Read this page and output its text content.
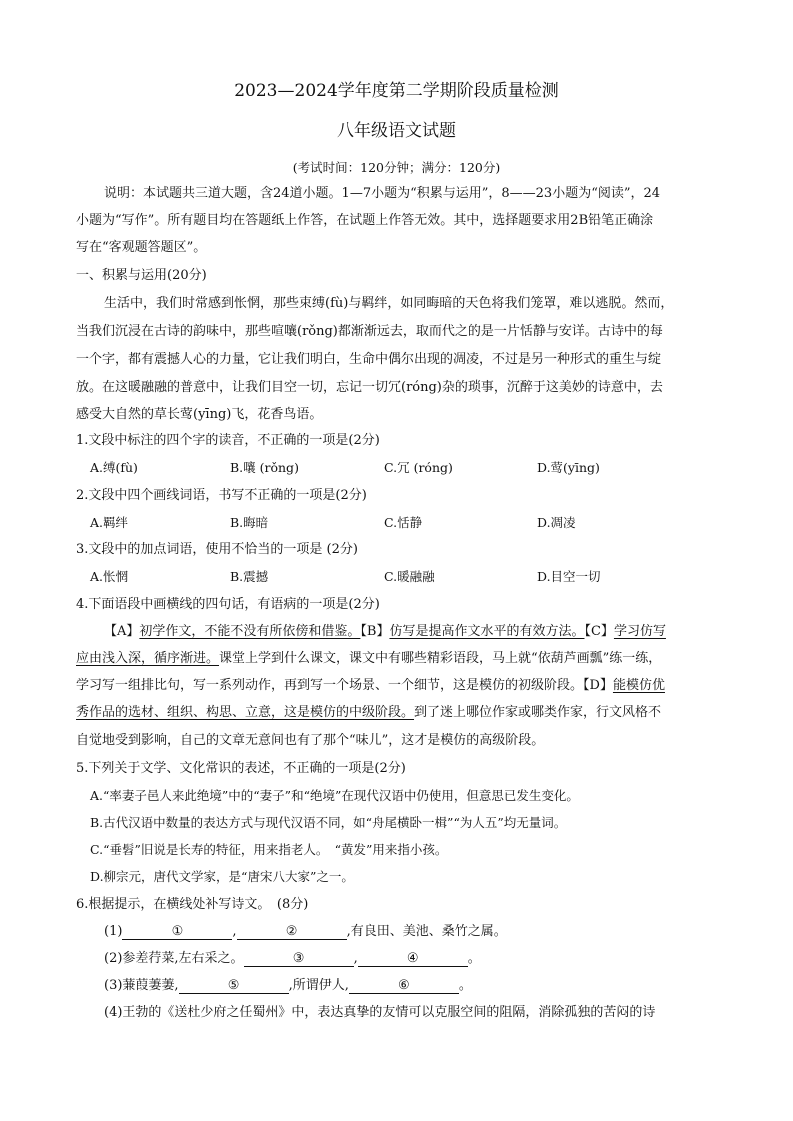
2023—2024学年度第二学期阶段质量检测
八年级语文试题
(考试时间：120分钟；满分：120分)
说明：本试题共三道大题，含24道小题。1—7小题为“积累与运用”，8——23小题为“阅读”，24
小题为“写作”。所有题目均在答题纸上作答，在试题上作答无效。其中，选择题要求用2B铅笔正确涂
写在“客观题答题区”。
一、积累与运用(20分)
生活中，我们时常感到怅惘，那些束缚(fù)与羁绊，如同晦暗的天色将我们笼罩，难以逃脱。然而，
当我们沉浸在古诗的韵味中，那些喧嚷(rǒng)都渐渐远去，取而代之的是一片恬静与安详。古诗中的每
一个字，都有震撼人心的力量，它让我们明白，生命中偶尔出现的凋凌，不过是另一种形式的重生与绽
放。在这暖融融的普意中，让我们目空一切，忘记一切冗(róng)杂的琐事，沉醉于这美妙的诗意中，去
感受大自然的草长莺(yīng)飞，花香鸟语。
1.文段中标注的四个字的读音，不正确的一项是(2分)
A.缚(fù)	B.嚷 (rǒng)	C.冗 (róng)	D.莺(yīng)
2.文段中四个画线词语，书写不正确的一项是(2分)
A.羁绊	B.晦暗	C.恬静	D.凋凌
3.文段中的加点词语，使用不恰当的一项是 (2分)
A.怅惘	B.震撼	C.暖融融	D.目空一切
4.下面语段中画横线的四句话，有语病的一项是(2分)
【A】初学作文，不能不没有所依傍和借鉴。【B】仿写是提高作文水平的有效方法。【C】学习仿写
应由浅入深，循序渐进。课堂上学到什么课文，课文中有哪些精彩语段，马上就“依葫芦画瓢”练一练，
学习写一组排比句，写一系列动作，再到写一个场景、一个细节，这是模仿的初级阶段。【D】能模仿优
秀作品的选材、组织、构思、立意，这是模仿的中级阶段。到了迷上哪位作家或哪类作家，行文风格不
自觉地受到影响，自己的文章无意间也有了那个“味儿”，这才是模仿的高级阶段。
5.下列关于文学、文化常识的表述，不正确的一项是(2分)
A.“率妻子邑人来此绝境”中的“妻子”和“绝境”在现代汉语中仍使用，但意思已发生变化。
B.古代汉语中数量的表达方式与现代汉语不同，如“舟尾横卧一楫”“为人五”均无量词。
C.“垂髫”旧说是长寿的特征，用来指老人。　“黄发”用来指小孩。
D.柳宗元，唐代文学家，是“唐宋八大家”之一。
6.根据提示，在横线处补写诗文。　(8分)
(1)	①	,	②	,有良田、美池、桑竹之属。
(2)参差荇菜,左右采之。	③	,	④	。
(3)蒹葭萋萋,	⑤	,所谓伊人,	⑥	。
(4)王勃的《送杜少府之任蜀州》中，表达真挚的友情可以克服空间的阻隔，消除孤独的苦闷的诗
